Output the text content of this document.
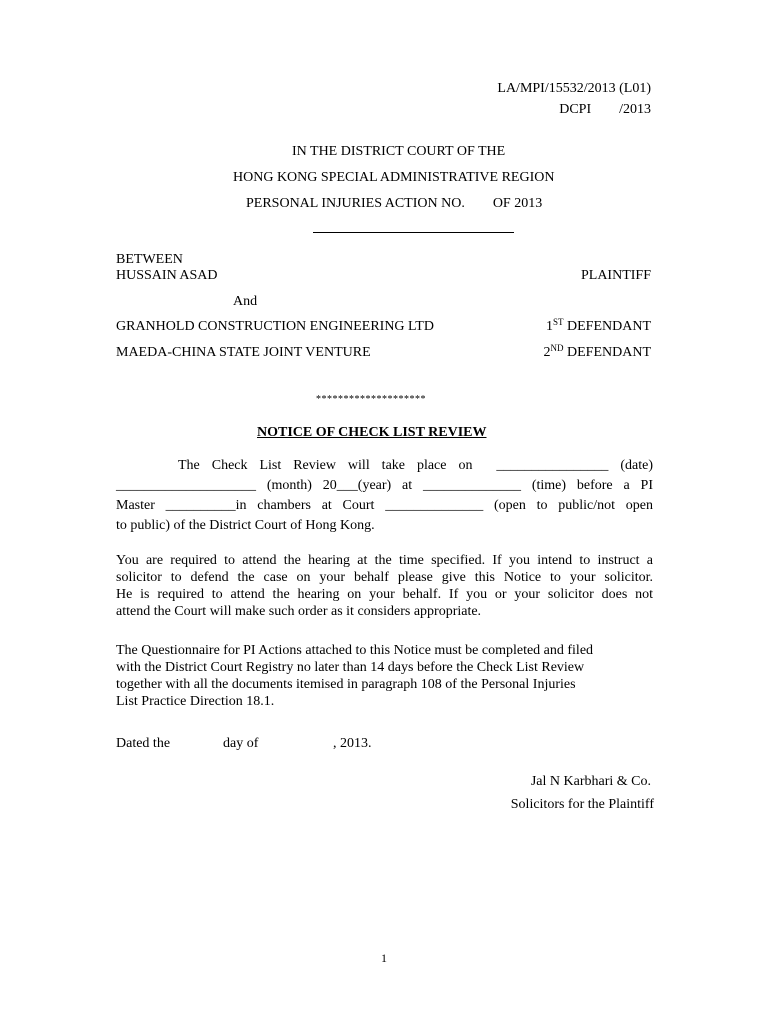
LA/MPI/15532/2013 (L01)
DCPI        /2013
IN THE DISTRICT COURT OF THE
HONG KONG SPECIAL ADMINISTRATIVE REGION
PERSONAL INJURIES ACTION NO.        OF 2013
BETWEEN
HUSSAIN ASAD	PLAINTIFF
And
GRANHOLD CONSTRUCTION ENGINEERING LTD	1ST DEFENDANT
MAEDA-CHINA STATE JOINT VENTURE	2ND DEFENDANT
********************
NOTICE OF CHECK LIST REVIEW
The Check List Review will take place on  ________________ (date)
____________________ (month) 20___(year) at ______________ (time) before a PI
Master __________in chambers at Court ______________ (open to public/not open
to public) of the District Court of Hong Kong.
You are required to attend the hearing at the time specified. If you intend to instruct a
solicitor to defend the case on your behalf please give this Notice to your solicitor.
He is required to attend the hearing on your behalf. If you or your solicitor does not
attend the Court will make such order as it considers appropriate.
The Questionnaire for PI Actions attached to this Notice must be completed and filed
with the District Court Registry no later than 14 days before the Check List Review
together with all the documents itemised in paragraph 108 of the Personal Injuries
List Practice Direction 18.1.
Dated the	day of	, 2013.
Jal N Karbhari & Co.
Solicitors for the Plaintiff
1
